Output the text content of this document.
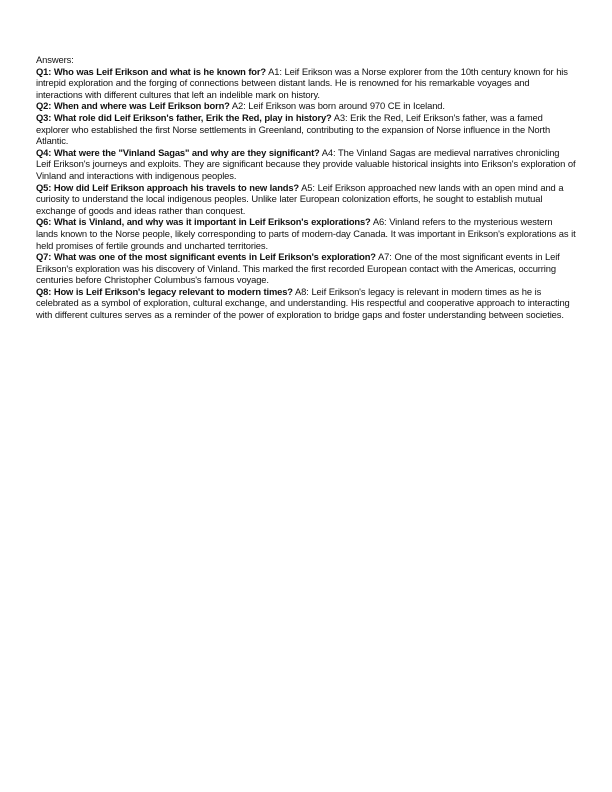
Answers:

Q1: Who was Leif Erikson and what is he known for? A1: Leif Erikson was a Norse explorer from the 10th century known for his intrepid exploration and the forging of connections between distant lands. He is renowned for his remarkable voyages and interactions with different cultures that left an indelible mark on history.
Q2: When and where was Leif Erikson born? A2: Leif Erikson was born around 970 CE in Iceland.
Q3: What role did Leif Erikson's father, Erik the Red, play in history? A3: Erik the Red, Leif Erikson's father, was a famed explorer who established the first Norse settlements in Greenland, contributing to the expansion of Norse influence in the North Atlantic.
Q4: What were the "Vinland Sagas" and why are they significant? A4: The Vinland Sagas are medieval narratives chronicling Leif Erikson's journeys and exploits. They are significant because they provide valuable historical insights into Erikson's exploration of Vinland and interactions with indigenous peoples.
Q5: How did Leif Erikson approach his travels to new lands? A5: Leif Erikson approached new lands with an open mind and a curiosity to understand the local indigenous peoples. Unlike later European colonization efforts, he sought to establish mutual exchange of goods and ideas rather than conquest.
Q6: What is Vinland, and why was it important in Leif Erikson's explorations? A6: Vinland refers to the mysterious western lands known to the Norse people, likely corresponding to parts of modern-day Canada. It was important in Erikson's explorations as it held promises of fertile grounds and uncharted territories.
Q7: What was one of the most significant events in Leif Erikson's exploration? A7: One of the most significant events in Leif Erikson's exploration was his discovery of Vinland. This marked the first recorded European contact with the Americas, occurring centuries before Christopher Columbus's famous voyage.
Q8: How is Leif Erikson's legacy relevant to modern times? A8: Leif Erikson's legacy is relevant in modern times as he is celebrated as a symbol of exploration, cultural exchange, and understanding. His respectful and cooperative approach to interacting with different cultures serves as a reminder of the power of exploration to bridge gaps and foster understanding between societies.
